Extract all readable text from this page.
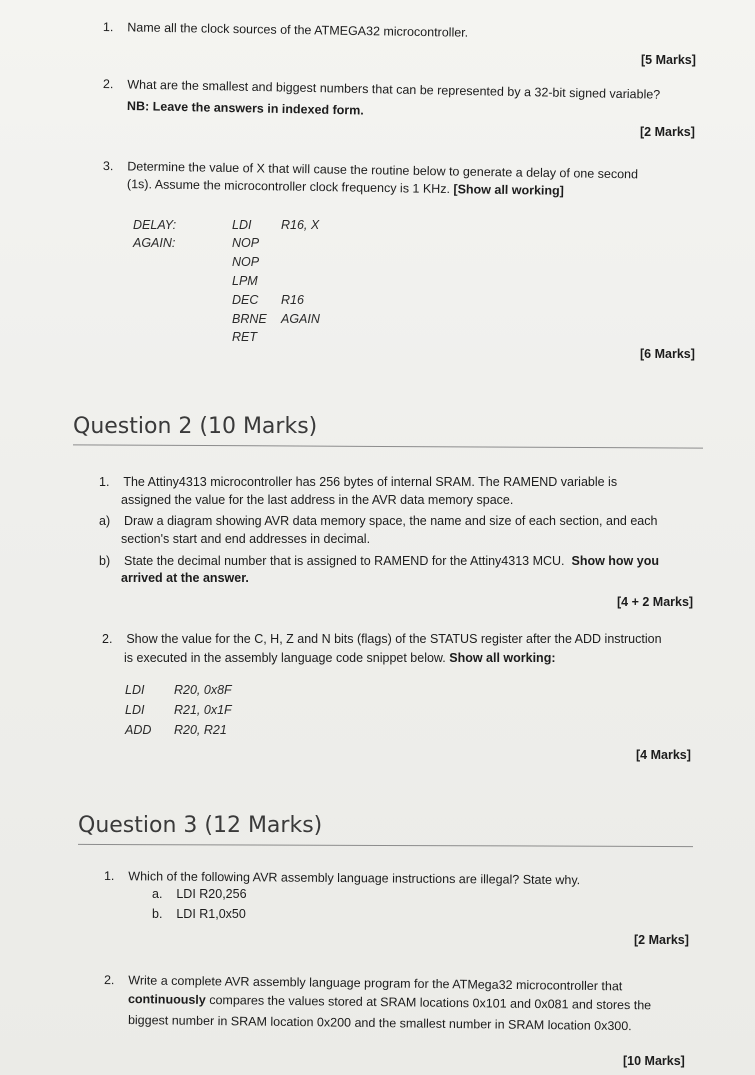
1. Name all the clock sources of the ATMEGA32 microcontroller.
[5 Marks]
2. What are the smallest and biggest numbers that can be represented by a 32-bit signed variable?
NB: Leave the answers in indexed form.
[2 Marks]
3. Determine the value of X that will cause the routine below to generate a delay of one second
(1s). Assume the microcontroller clock frequency is 1 KHz. [Show all working]
DELAY:	LDI R16, X
AGAIN:	NOP
NOP
LPM
DEC R16
BRNE AGAIN
RET
[6 Marks]
Question 2 (10 Marks)
1. The Attiny4313 microcontroller has 256 bytes of internal SRAM. The RAMEND variable is
assigned the value for the last address in the AVR data memory space.
a) Draw a diagram showing AVR data memory space, the name and size of each section, and each
section's start and end addresses in decimal.
b) State the decimal number that is assigned to RAMEND for the Attiny4313 MCU. Show how you
arrived at the answer.
[4 + 2 Marks]
2. Show the value for the C, H, Z and N bits (flags) of the STATUS register after the ADD instruction
is executed in the assembly language code snippet below. Show all working:
LDI R20, 0x8F
LDI R21, 0x1F
ADD R20, R21
[4 Marks]
Question 3 (12 Marks)
1. Which of the following AVR assembly language instructions are illegal? State why.
a. LDI R20,256
b. LDI R1,0x50
[2 Marks]
2. Write a complete AVR assembly language program for the ATMega32 microcontroller that
continuously compares the values stored at SRAM locations 0x101 and 0x081 and stores the
biggest number in SRAM location 0x200 and the smallest number in SRAM location 0x300.
[10 Marks]
